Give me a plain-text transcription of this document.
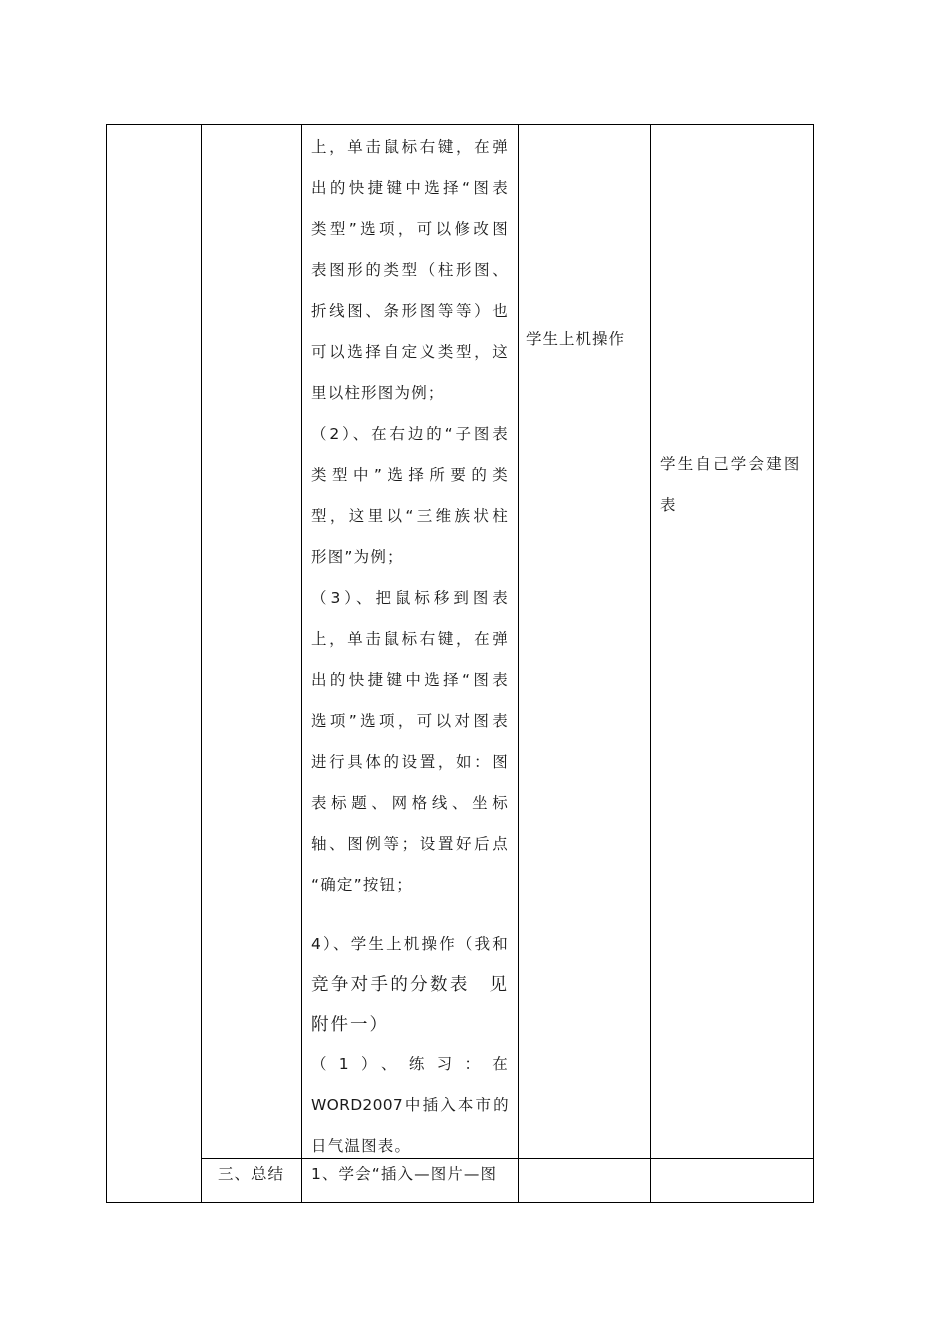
上，单击鼠标右键，在弹

出的快捷键中选择“图表

类型”选项，可以修改图

表图形的类型（柱形图、

折线图、条形图等等）也

可以选择自定义类型，这

里以柱形图为例；

（2）、在右边的“子图表

类型中”选择所要的类

型，这里以“三维族状柱

形图”为例；

（3）、把鼠标移到图表

上，单击鼠标右键，在弹

出的快捷键中选择“图表

选项”选项，可以对图表

进行具体的设置，如：图

表标题、网格线、坐标

轴、图例等；设置好后点

“确定”按钮；

4）、学生上机操作（我和

竞争对手的分数表　见

附件一）

（1）、练习：在

WORD2007中插入本市的

日气温图表。

学生上机操作
学生自己学会建图
表
三、总结 1、学会“插入—图片—图
